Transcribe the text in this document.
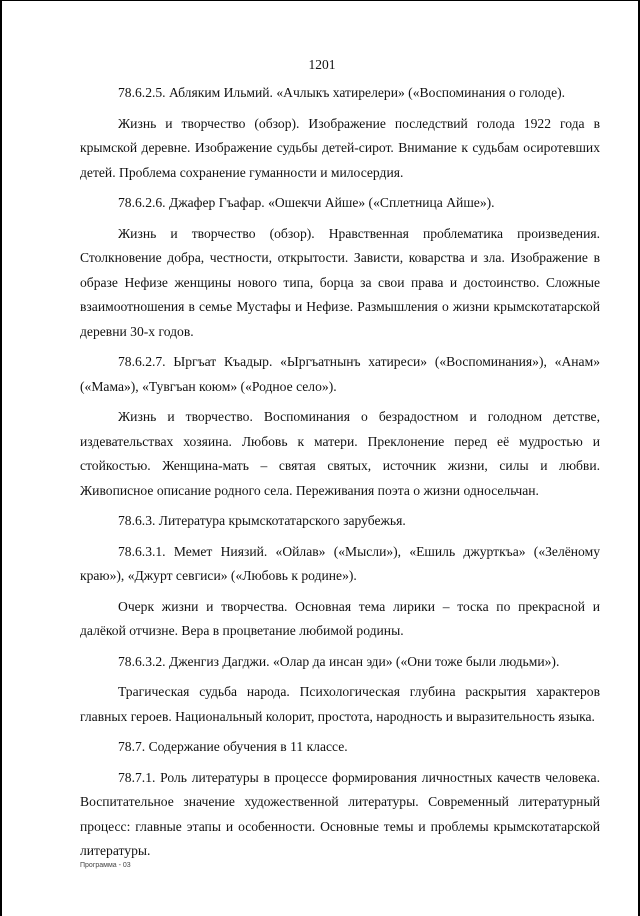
1201

78.6.2.5. Абляким Ильмий. «Ачлыкъ хатирелери» («Воспоминания о голоде).

Жизнь и творчество (обзор). Изображение последствий голода 1922 года в крымской деревне. Изображение судьбы детей-сирот. Внимание к судьбам осиротевших детей. Проблема сохранение гуманности и милосердия.

78.6.2.6. Джафер Гъафар. «Ошекчи Айше» («Сплетница Айше»).

Жизнь и творчество (обзор). Нравственная проблематика произведения. Столкновение добра, честности, открытости. Зависти, коварства и зла. Изображение в образе Нефизе женщины нового типа, борца за свои права и достоинство. Сложные взаимоотношения в семье Мустафы и Нефизе. Размышления о жизни крымскотатарской деревни 30-х годов.

78.6.2.7. Ыргъат Къадыр. «Ыргъатнынъ хатиреси» («Воспоминания»), «Анам» («Мама»), «Тувгъан коюм» («Родное село»).

Жизнь и творчество. Воспоминания о безрадостном и голодном детстве, издевательствах хозяина. Любовь к матери. Преклонение перед её мудростью и стойкостью. Женщина-мать – святая святых, источник жизни, силы и любви. Живописное описание родного села. Переживания поэта о жизни односельчан.

78.6.3. Литература крымскотатарского зарубежья.

78.6.3.1. Мемет Ниязий. «Ойлав» («Мысли»), «Ешиль джурткъа» («Зелёному краю»), «Джурт севгиси» («Любовь к родине»).

Очерк жизни и творчества. Основная тема лирики – тоска по прекрасной и далёкой отчизне. Вера в процветание любимой родины.

78.6.3.2. Дженгиз Дагджи. «Олар да инсан эди» («Они тоже были людьми»).

Трагическая судьба народа. Психологическая глубина раскрытия характеров главных героев. Национальный колорит, простота, народность и выразительность языка.

78.7. Содержание обучения в 11 классе.

78.7.1. Роль литературы в процессе формирования личностных качеств человека. Воспитательное значение художественной литературы. Современный литературный процесс: главные этапы и особенности. Основные темы и проблемы крымскотатарской литературы.

Программа - 03
